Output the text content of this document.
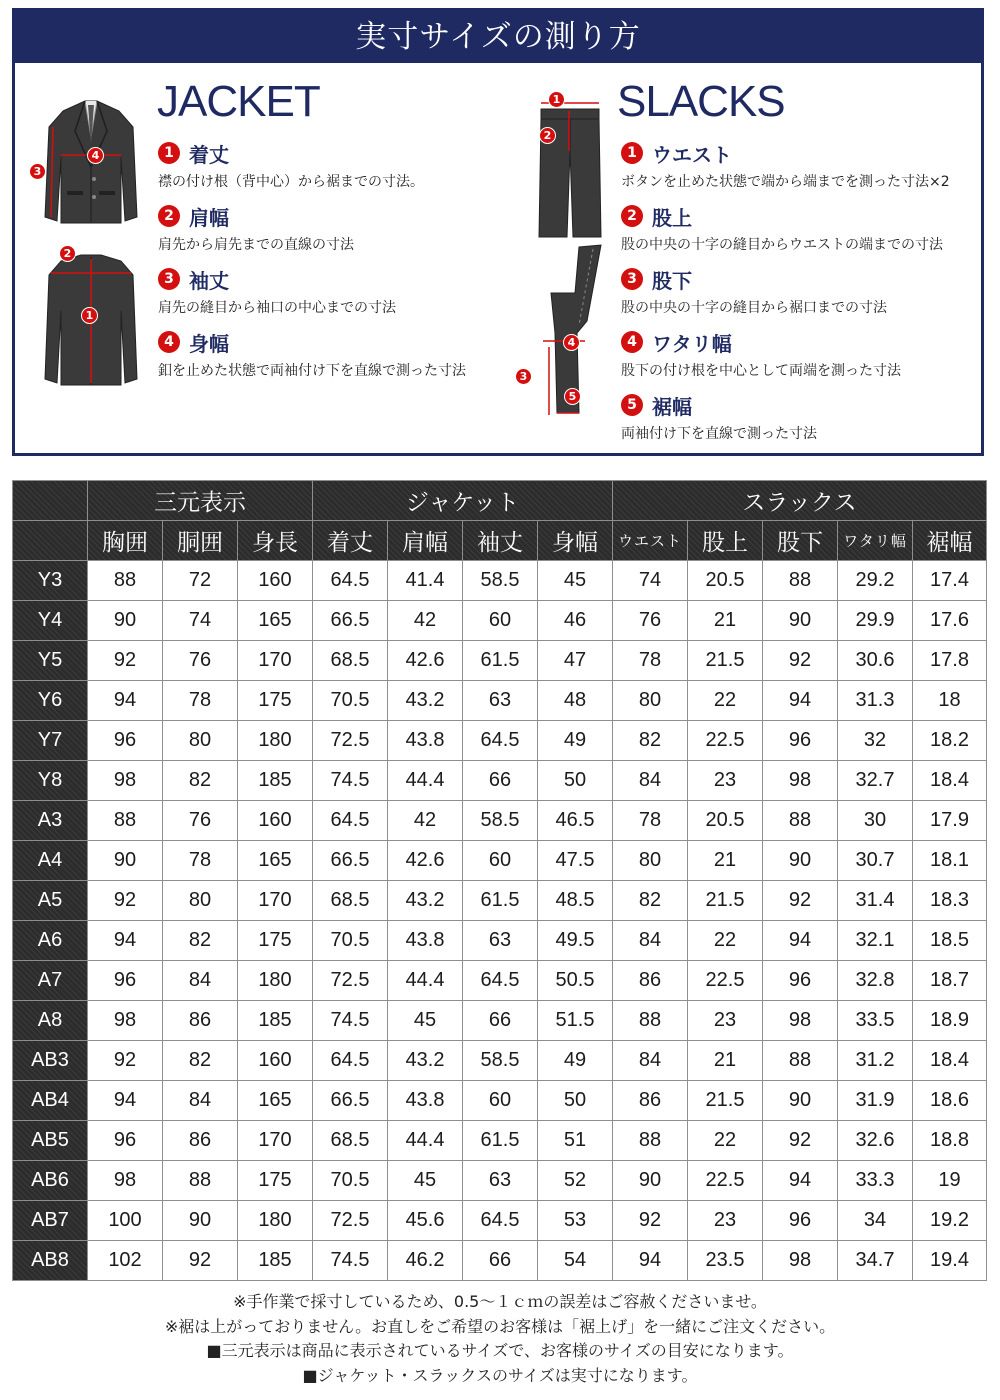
実寸サイズの測り方
3
4
2
1
JACKET
1 着丈
襟の付け根（背中心）から裾までの寸法。
2 肩幅
肩先から肩先までの直線の寸法
3 袖丈
肩先の縫目から袖口の中心までの寸法
4 身幅
釦を止めた状態で両袖付け下を直線で測った寸法
1
2
4
3
5
SLACKS
1 ウエスト
ボタンを止めた状態で端から端までを測った寸法×2
2 股上
股の中央の十字の縫目からウエストの端までの寸法
3 股下
股の中央の十字の縫目から裾口までの寸法
4 ワタリ幅
股下の付け根を中心として両端を測った寸法
5 裾幅
両袖付け下を直線で測った寸法
	三元表示			ジャケット				スラックス				
	胸囲	胴囲	身長	着丈	肩幅	袖丈	身幅	ウエスト	股上	股下	ワタリ幅	裾幅
Y3	88	72	160	64.5	41.4	58.5	45	74	20.5	88	29.2	17.4
Y4	90	74	165	66.5	42	60	46	76	21	90	29.9	17.6
Y5	92	76	170	68.5	42.6	61.5	47	78	21.5	92	30.6	17.8
Y6	94	78	175	70.5	43.2	63	48	80	22	94	31.3	18
Y7	96	80	180	72.5	43.8	64.5	49	82	22.5	96	32	18.2
Y8	98	82	185	74.5	44.4	66	50	84	23	98	32.7	18.4
A3	88	76	160	64.5	42	58.5	46.5	78	20.5	88	30	17.9
A4	90	78	165	66.5	42.6	60	47.5	80	21	90	30.7	18.1
A5	92	80	170	68.5	43.2	61.5	48.5	82	21.5	92	31.4	18.3
A6	94	82	175	70.5	43.8	63	49.5	84	22	94	32.1	18.5
A7	96	84	180	72.5	44.4	64.5	50.5	86	22.5	96	32.8	18.7
A8	98	86	185	74.5	45	66	51.5	88	23	98	33.5	18.9
AB3	92	82	160	64.5	43.2	58.5	49	84	21	88	31.2	18.4
AB4	94	84	165	66.5	43.8	60	50	86	21.5	90	31.9	18.6
AB5	96	86	170	68.5	44.4	61.5	51	88	22	92	32.6	18.8
AB6	98	88	175	70.5	45	63	52	90	22.5	94	33.3	19
AB7	100	90	180	72.5	45.6	64.5	53	92	23	96	34	19.2
AB8	102	92	185	74.5	46.2	66	54	94	23.5	98	34.7	19.4
※手作業で採寸しているため、0.5～１ｃｍの誤差はご容赦くださいませ。
※裾は上がっておりません。お直しをご希望のお客様は「裾上げ」を一緒にご注文ください。
■三元表示は商品に表示されているサイズで、お客様のサイズの目安になります。
■ジャケット・スラックスのサイズは実寸になります。
